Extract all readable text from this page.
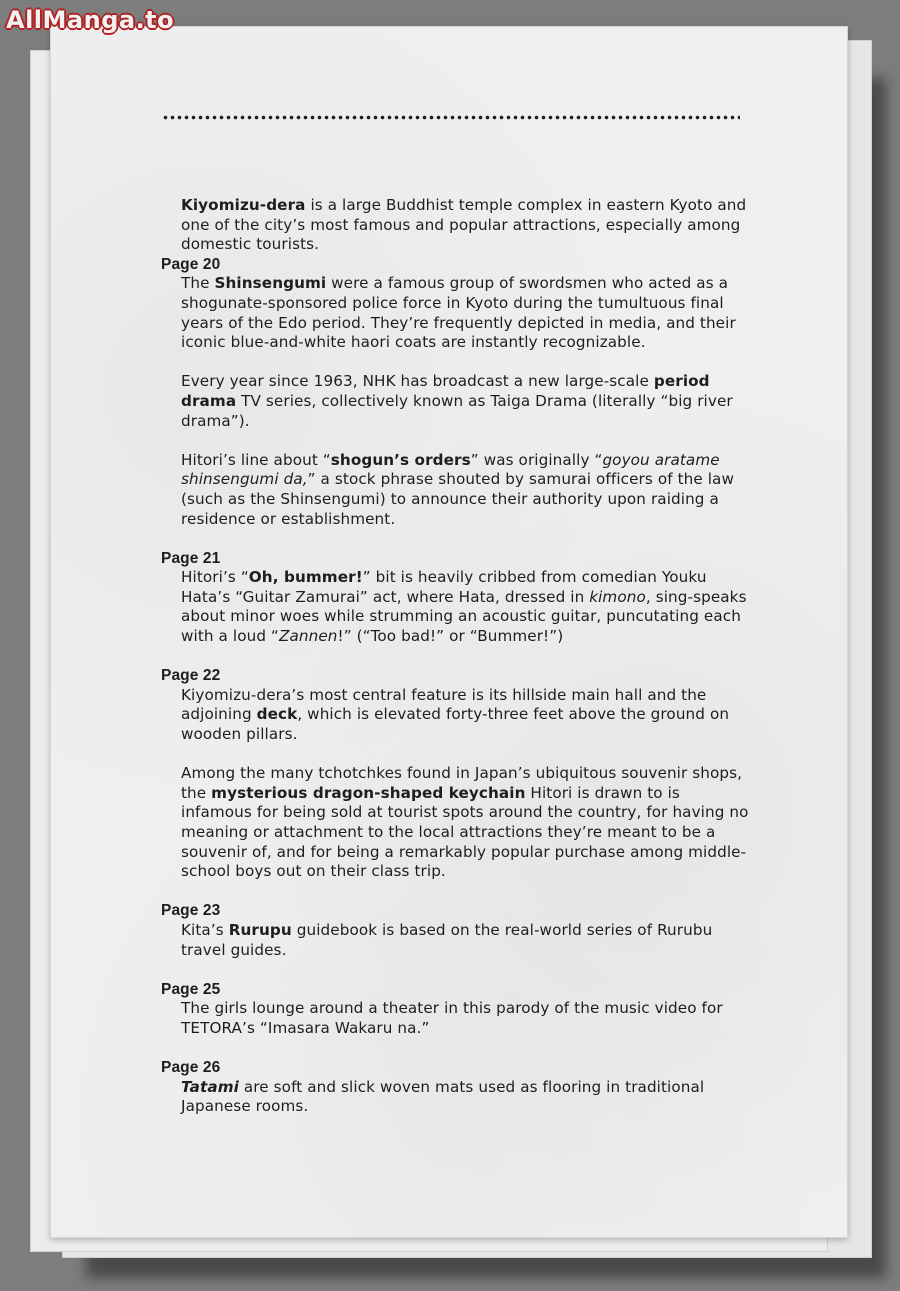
AllManga.to
Kiyomizu-dera is a large Buddhist temple complex in eastern Kyoto and one of the city’s most famous and popular attractions, especially among domestic tourists.
Page 20
The Shinsengumi were a famous group of swordsmen who acted as a shogunate-sponsored police force in Kyoto during the tumultuous final years of the Edo period. They’re frequently depicted in media, and their iconic blue-and-white haori coats are instantly recognizable.
Every year since 1963, NHK has broadcast a new large-scale period drama TV series, collectively known as Taiga Drama (literally “big river drama”).
Hitori’s line about “shogun’s orders” was originally “goyou aratame shinsengumi da,” a stock phrase shouted by samurai officers of the law (such as the Shinsengumi) to announce their authority upon raiding a residence or establishment.
Page 21
Hitori’s “Oh, bummer!” bit is heavily cribbed from comedian Youku Hata’s “Guitar Zamurai” act, where Hata, dressed in kimono, sing-speaks about minor woes while strumming an acoustic guitar, puncutating each with a loud “Zannen!” (“Too bad!” or “Bummer!”)
Page 22
Kiyomizu-dera’s most central feature is its hillside main hall and the adjoining deck, which is elevated forty-three feet above the ground on wooden pillars.
Among the many tchotchkes found in Japan’s ubiquitous souvenir shops, the mysterious dragon-shaped keychain Hitori is drawn to is infamous for being sold at tourist spots around the country, for having no meaning or attachment to the local attractions they’re meant to be a souvenir of, and for being a remarkably popular purchase among middle-school boys out on their class trip.
Page 23
Kita’s Rurupu guidebook is based on the real-world series of Rurubu travel guides.
Page 25
The girls lounge around a theater in this parody of the music video for TETORA’s “Imasara Wakaru na.”
Page 26
Tatami are soft and slick woven mats used as flooring in traditional Japanese rooms.
